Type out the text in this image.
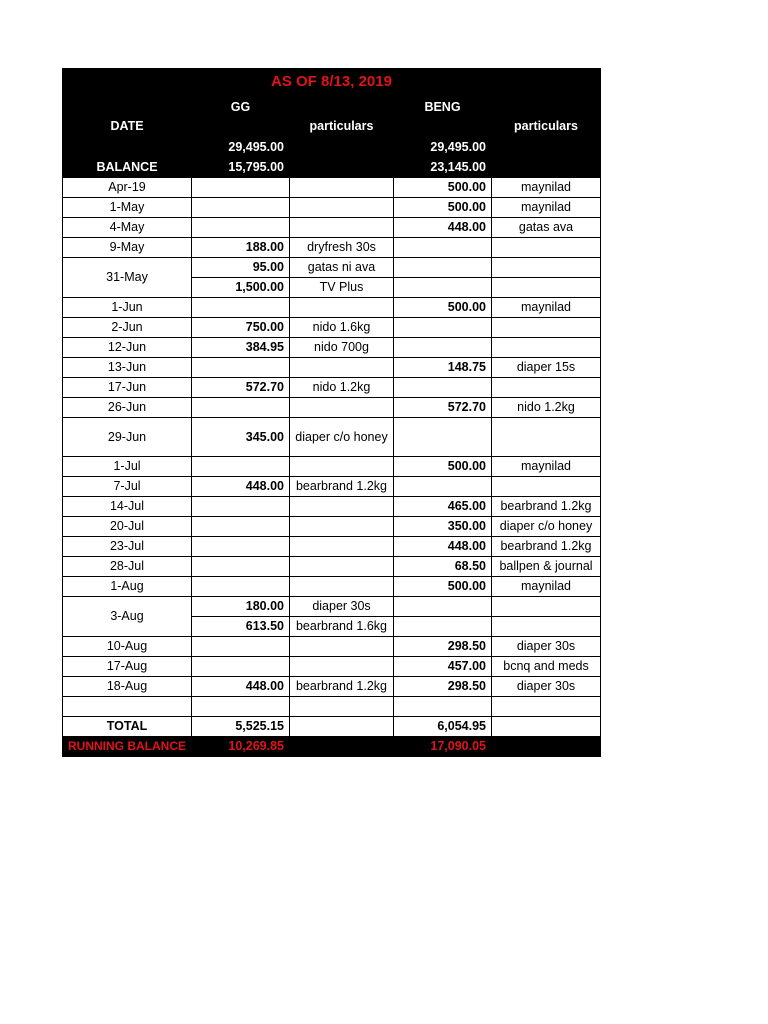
AS OF 8/13, 2019				
DATE	GG	particulars	BENG	particulars
	29,495.00		29,495.00	
BALANCE	15,795.00		23,145.00	
Apr-19			500.00	maynilad
1-May			500.00	maynilad
4-May			448.00	gatas ava
9-May	188.00	dryfresh 30s		
31-May	95.00	gatas ni ava		
	1,500.00	TV Plus		
1-Jun			500.00	maynilad
2-Jun	750.00	nido 1.6kg		
12-Jun	384.95	nido 700g		
13-Jun			148.75	diaper 15s
17-Jun	572.70	nido 1.2kg		
26-Jun			572.70	nido 1.2kg
29-Jun	345.00	diaper c/o honey		
1-Jul			500.00	maynilad
7-Jul	448.00	bearbrand 1.2kg		
14-Jul			465.00	bearbrand 1.2kg
20-Jul			350.00	diaper c/o honey
23-Jul			448.00	bearbrand 1.2kg
28-Jul			68.50	ballpen & journal
1-Aug			500.00	maynilad
3-Aug	180.00	diaper 30s		
	613.50	bearbrand 1.6kg		
10-Aug			298.50	diaper 30s
17-Aug			457.00	bcnq and meds
18-Aug	448.00	bearbrand 1.2kg	298.50	diaper 30s

TOTAL	5,525.15		6,054.95	
RUNNING BALANCE	10,269.85		17,090.05	
